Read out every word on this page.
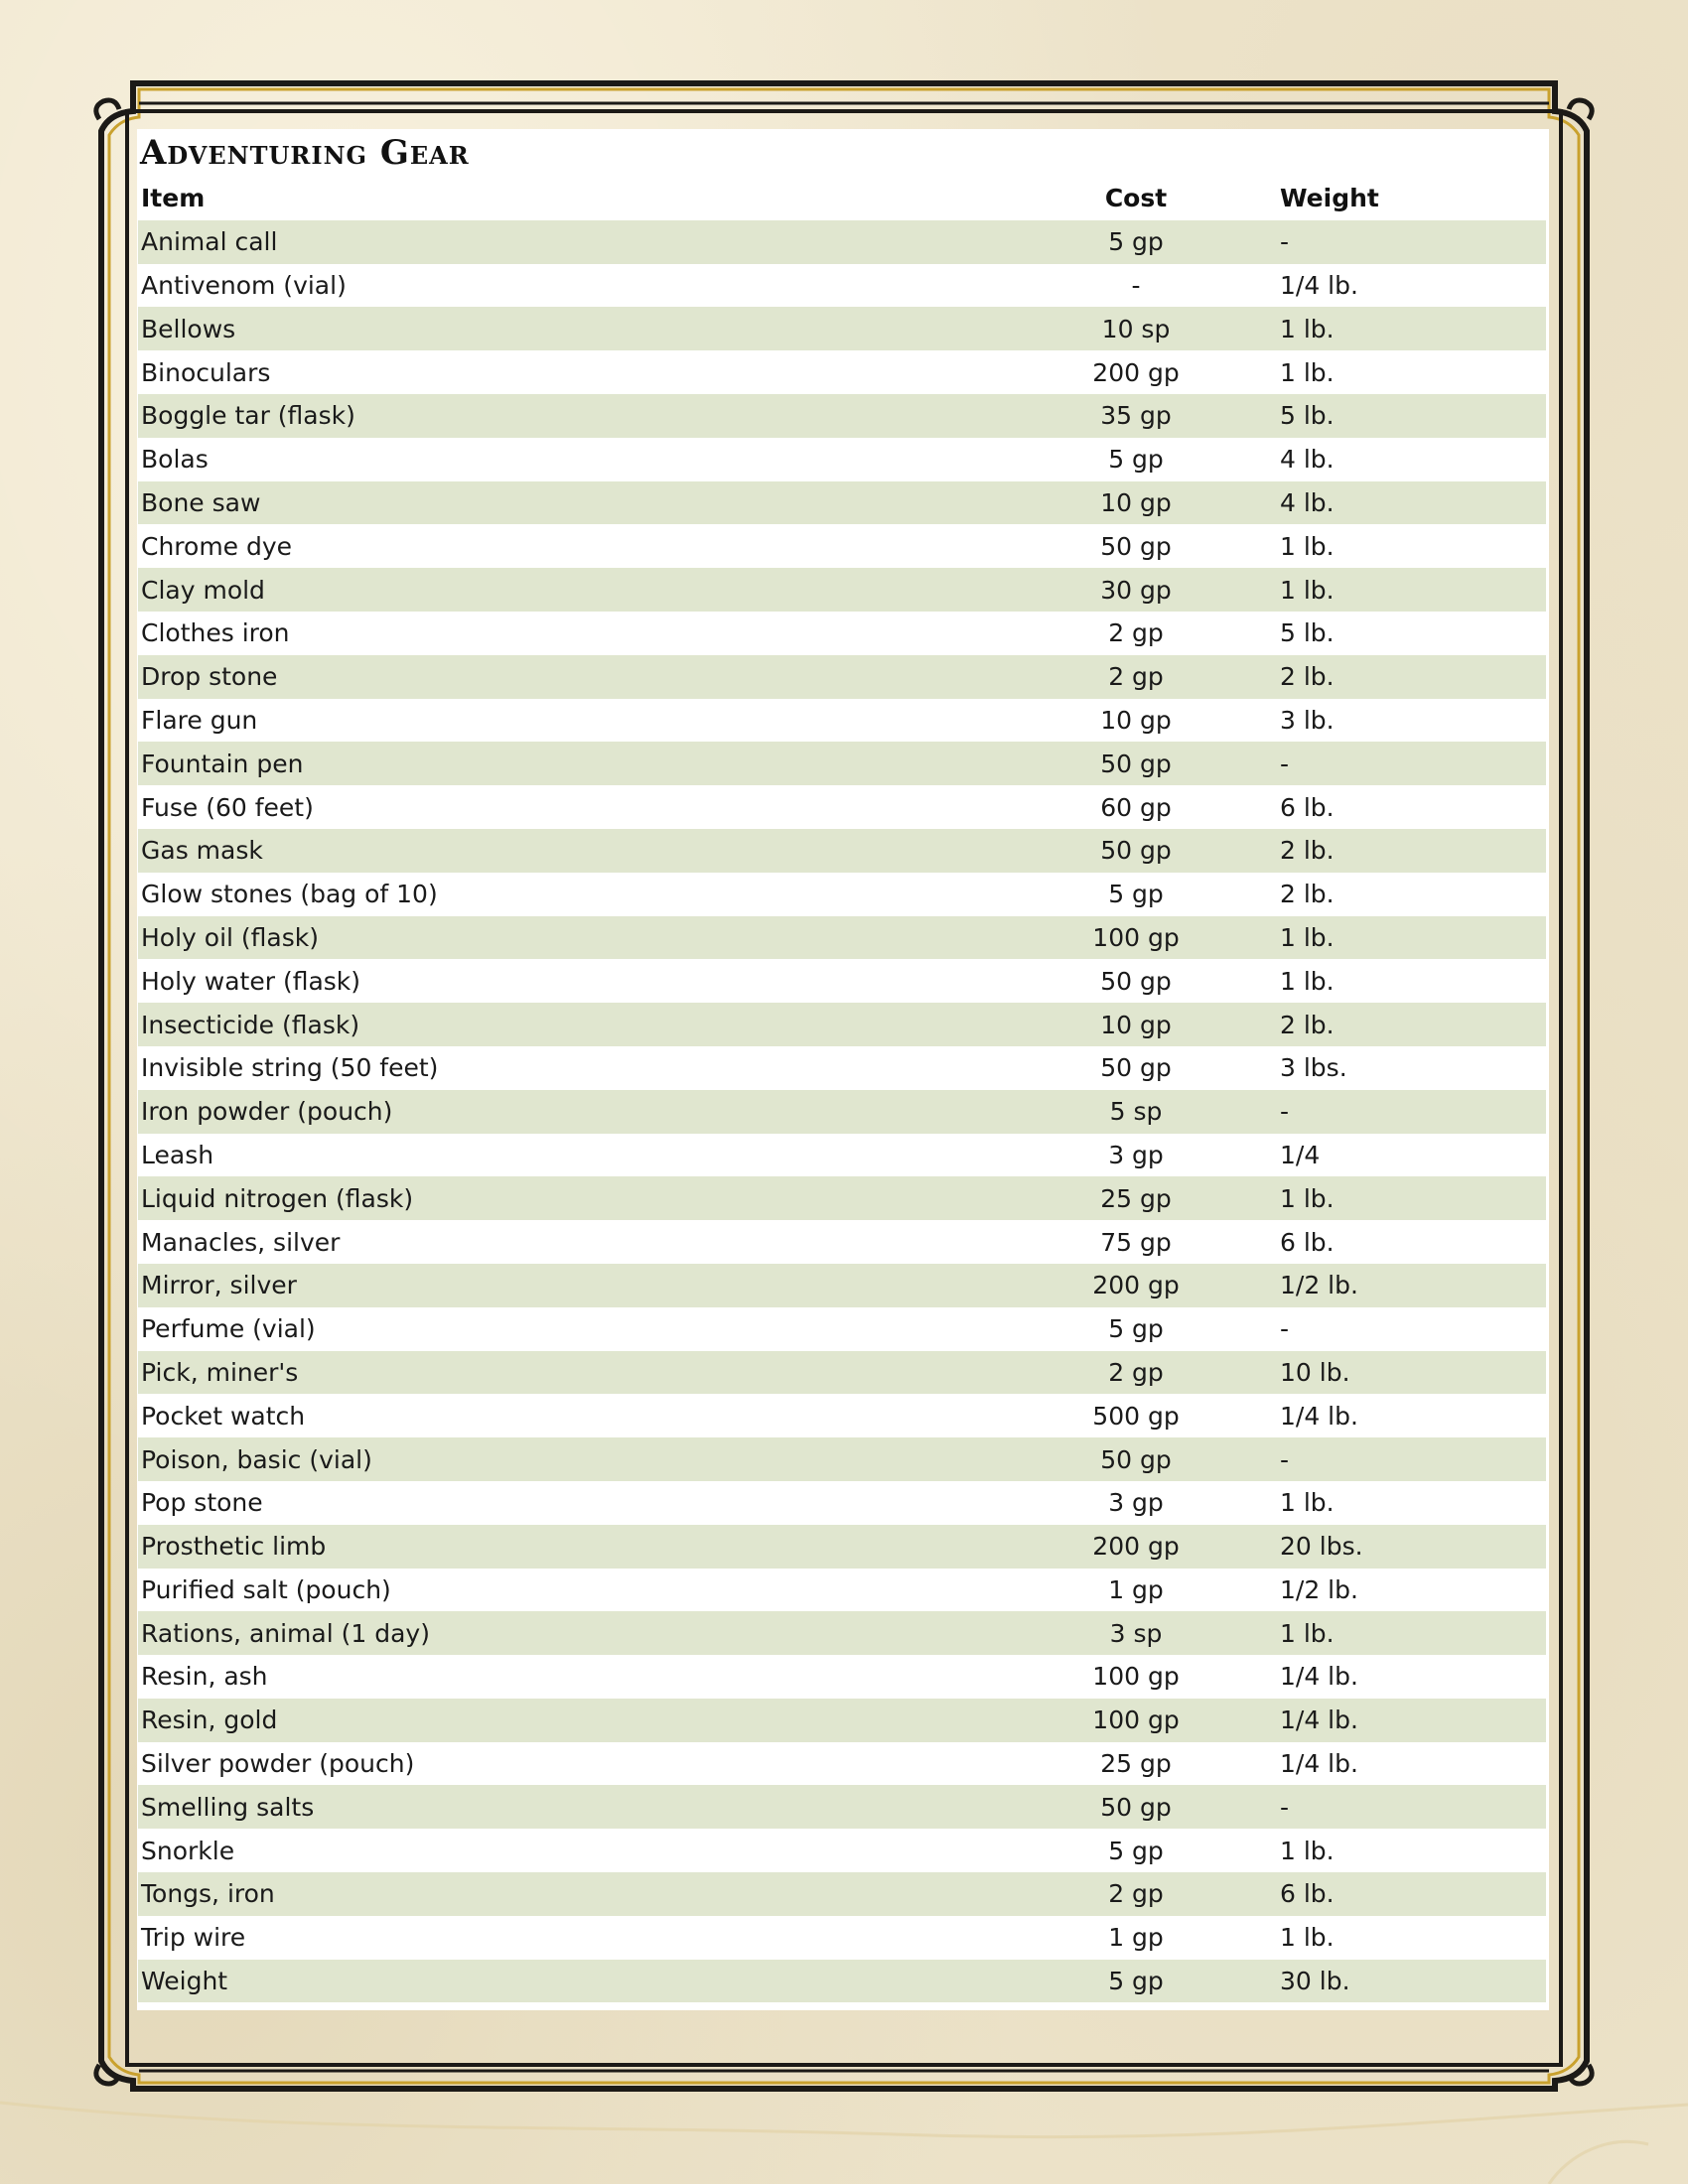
Adventuring Gear
Item	Cost	Weight
Animal call	5 gp	-
Antivenom (vial)	-	1/4 lb.
Bellows	10 sp	1 lb.
Binoculars	200 gp	1 lb.
Boggle tar (flask)	35 gp	5 lb.
Bolas	5 gp	4 lb.
Bone saw	10 gp	4 lb.
Chrome dye	50 gp	1 lb.
Clay mold	30 gp	1 lb.
Clothes iron	2 gp	5 lb.
Drop stone	2 gp	2 lb.
Flare gun	10 gp	3 lb.
Fountain pen	50 gp	-
Fuse (60 feet)	60 gp	6 lb.
Gas mask	50 gp	2 lb.
Glow stones (bag of 10)	5 gp	2 lb.
Holy oil (flask)	100 gp	1 lb.
Holy water (flask)	50 gp	1 lb.
Insecticide (flask)	10 gp	2 lb.
Invisible string (50 feet)	50 gp	3 lbs.
Iron powder (pouch)	5 sp	-
Leash	3 gp	1/4
Liquid nitrogen (flask)	25 gp	1 lb.
Manacles, silver	75 gp	6 lb.
Mirror, silver	200 gp	1/2 lb.
Perfume (vial)	5 gp	-
Pick, miner's	2 gp	10 lb.
Pocket watch	500 gp	1/4 lb.
Poison, basic (vial)	50 gp	-
Pop stone	3 gp	1 lb.
Prosthetic limb	200 gp	20 lbs.
Purified salt (pouch)	1 gp	1/2 lb.
Rations, animal (1 day)	3 sp	1 lb.
Resin, ash	100 gp	1/4 lb.
Resin, gold	100 gp	1/4 lb.
Silver powder (pouch)	25 gp	1/4 lb.
Smelling salts	50 gp	-
Snorkle	5 gp	1 lb.
Tongs, iron	2 gp	6 lb.
Trip wire	1 gp	1 lb.
Weight	5 gp	30 lb.
